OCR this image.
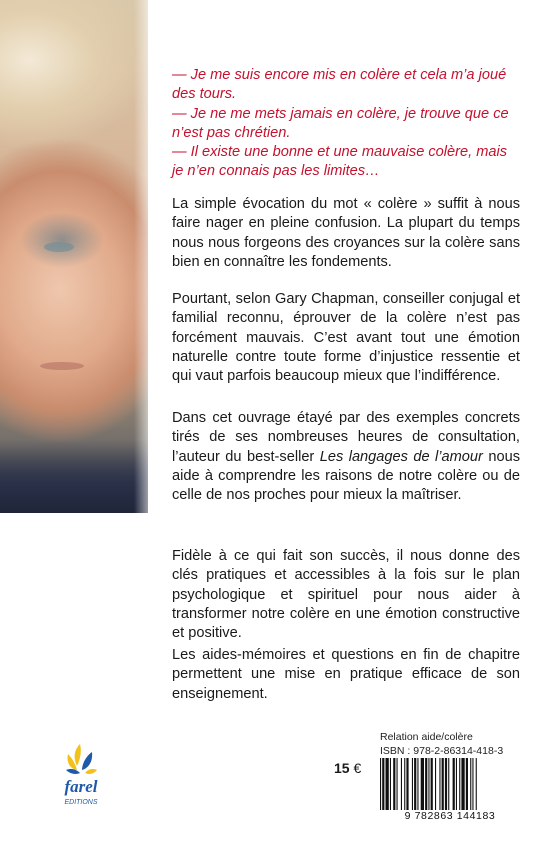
— Je me suis encore mis en colère et cela m’a joué des tours.

— Je ne me mets jamais en colère, je trouve que ce n’est pas chrétien.

— Il existe une bonne et une mauvaise colère, mais je n’en connais pas les limites…

La simple évocation du mot « colère » suffit à nous faire nager en pleine confusion. La plupart du temps nous nous forgeons des croyances sur la colère sans bien en connaître les fondements.

Pourtant, selon Gary Chapman, conseiller conjugal et familial reconnu, éprouver de la colère n’est pas forcément mauvais. C’est avant tout une émotion naturelle contre toute forme d’injustice ressentie et qui vaut parfois beaucoup mieux que l’indifférence.

Dans cet ouvrage étayé par des exemples concrets tirés de ses nombreuses heures de consultation, l’auteur du best-seller Les langages de l’amour nous aide à comprendre les raisons de notre colère ou de celle de nos proches pour mieux la maîtriser.

Fidèle à ce qui fait son succès, il nous donne des clés pratiques et accessibles à la fois sur le plan psychologique et spirituel pour nous aider à transformer notre colère en une émotion constructive et positive.

Les aides-mémoires et questions en fin de chapitre permettent une mise en pratique efficace de son enseignement.

farel
EDITIONS
15 €
Relation aide/colère
ISBN : 978-2-86314-418-3
9 782863 144183
